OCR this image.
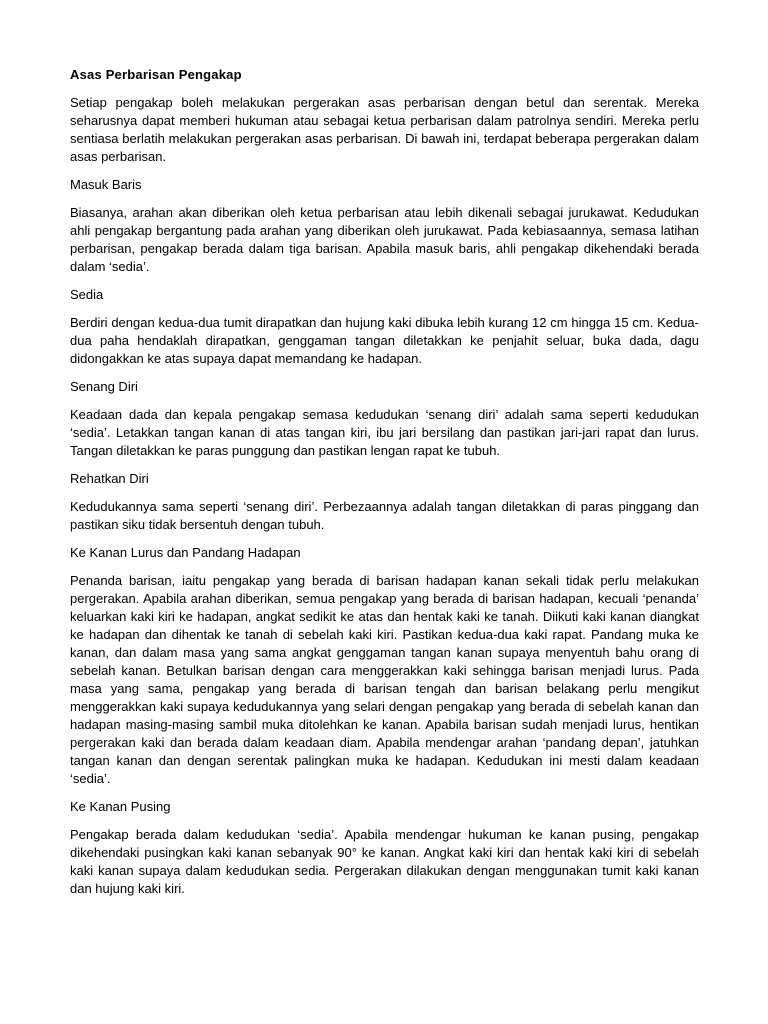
Asas Perbarisan Pengakap

Setiap pengakap boleh melakukan pergerakan asas perbarisan dengan betul dan serentak. Mereka seharusnya dapat memberi hukuman atau sebagai ketua perbarisan dalam patrolnya sendiri. Mereka perlu sentiasa berlatih melakukan pergerakan asas perbarisan. Di bawah ini, terdapat beberapa pergerakan dalam asas perbarisan.

Masuk Baris

Biasanya, arahan akan diberikan oleh ketua perbarisan atau lebih dikenali sebagai jurukawat. Kedudukan ahli pengakap bergantung pada arahan yang diberikan oleh jurukawat. Pada kebiasaannya, semasa latihan perbarisan, pengakap berada dalam tiga barisan. Apabila masuk baris, ahli pengakap dikehendaki berada dalam ‘sedia’.

Sedia

Berdiri dengan kedua-dua tumit dirapatkan dan hujung kaki dibuka lebih kurang 12 cm hingga 15 cm. Kedua-dua paha hendaklah dirapatkan, genggaman tangan diletakkan ke penjahit seluar, buka dada, dagu didongakkan ke atas supaya dapat memandang ke hadapan.

Senang Diri

Keadaan dada dan kepala pengakap semasa kedudukan ‘senang diri’ adalah sama seperti kedudukan ‘sedia’. Letakkan tangan kanan di atas tangan kiri, ibu jari bersilang dan pastikan jari-jari rapat dan lurus. Tangan diletakkan ke paras punggung dan pastikan lengan rapat ke tubuh.

Rehatkan Diri

Kedudukannya sama seperti ‘senang diri’. Perbezaannya adalah tangan diletakkan di paras pinggang dan pastikan siku tidak bersentuh dengan tubuh.

Ke Kanan Lurus dan Pandang Hadapan

Penanda barisan, iaitu pengakap yang berada di barisan hadapan kanan sekali tidak perlu melakukan pergerakan. Apabila arahan diberikan, semua pengakap yang berada di barisan hadapan, kecuali ‘penanda’ keluarkan kaki kiri ke hadapan, angkat sedikit ke atas dan hentak kaki ke tanah. Diikuti kaki kanan diangkat ke hadapan dan dihentak ke tanah di sebelah kaki kiri. Pastikan kedua-dua kaki rapat. Pandang muka ke kanan, dan dalam masa yang sama angkat genggaman tangan kanan supaya menyentuh bahu orang di sebelah kanan. Betulkan barisan dengan cara menggerakkan kaki sehingga barisan menjadi lurus. Pada masa yang sama, pengakap yang berada di barisan tengah dan barisan belakang perlu mengikut menggerakkan kaki supaya kedudukannya yang selari dengan pengakap yang berada di sebelah kanan dan hadapan masing-masing sambil muka ditolehkan ke kanan. Apabila barisan sudah menjadi lurus, hentikan pergerakan kaki dan berada dalam keadaan diam. Apabila mendengar arahan ‘pandang depan’, jatuhkan tangan kanan dan dengan serentak palingkan muka ke hadapan. Kedudukan ini mesti dalam keadaan ‘sedia’.

Ke Kanan Pusing

Pengakap berada dalam kedudukan ‘sedia’. Apabila mendengar hukuman ke kanan pusing, pengakap dikehendaki pusingkan kaki kanan sebanyak 90° ke kanan. Angkat kaki kiri dan hentak kaki kiri di sebelah kaki kanan supaya dalam kedudukan sedia. Pergerakan dilakukan dengan menggunakan tumit kaki kanan dan hujung kaki kiri.
